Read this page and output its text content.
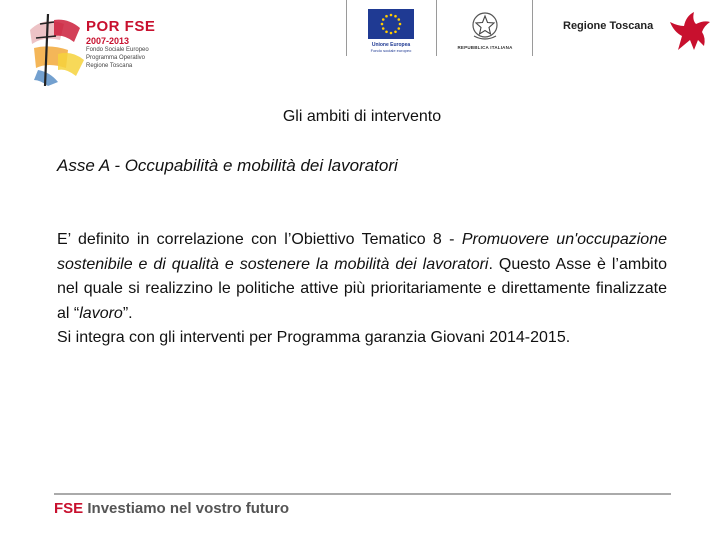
POR FSE
2007-2013
Fondo Sociale Europeo
Programma Operativo
Regione Toscana
Unione Europea
Fondo sociale europeo
REPUBBLICA ITALIANA
Regione Toscana
Gli ambiti di intervento
Asse A - Occupabilità e mobilità dei lavoratori

E’ definito in correlazione con l’Obiettivo Tematico 8 - Promuovere un'occupazione sostenibile e di qualità e sostenere la mobilità dei lavoratori. Questo Asse è l’ambito nel quale si realizzino le politiche attive più prioritariamente e direttamente finalizzate al “lavoro”.

Si integra con gli interventi per Programma garanzia Giovani 2014-2015.

FSE Investiamo nel vostro futuro
